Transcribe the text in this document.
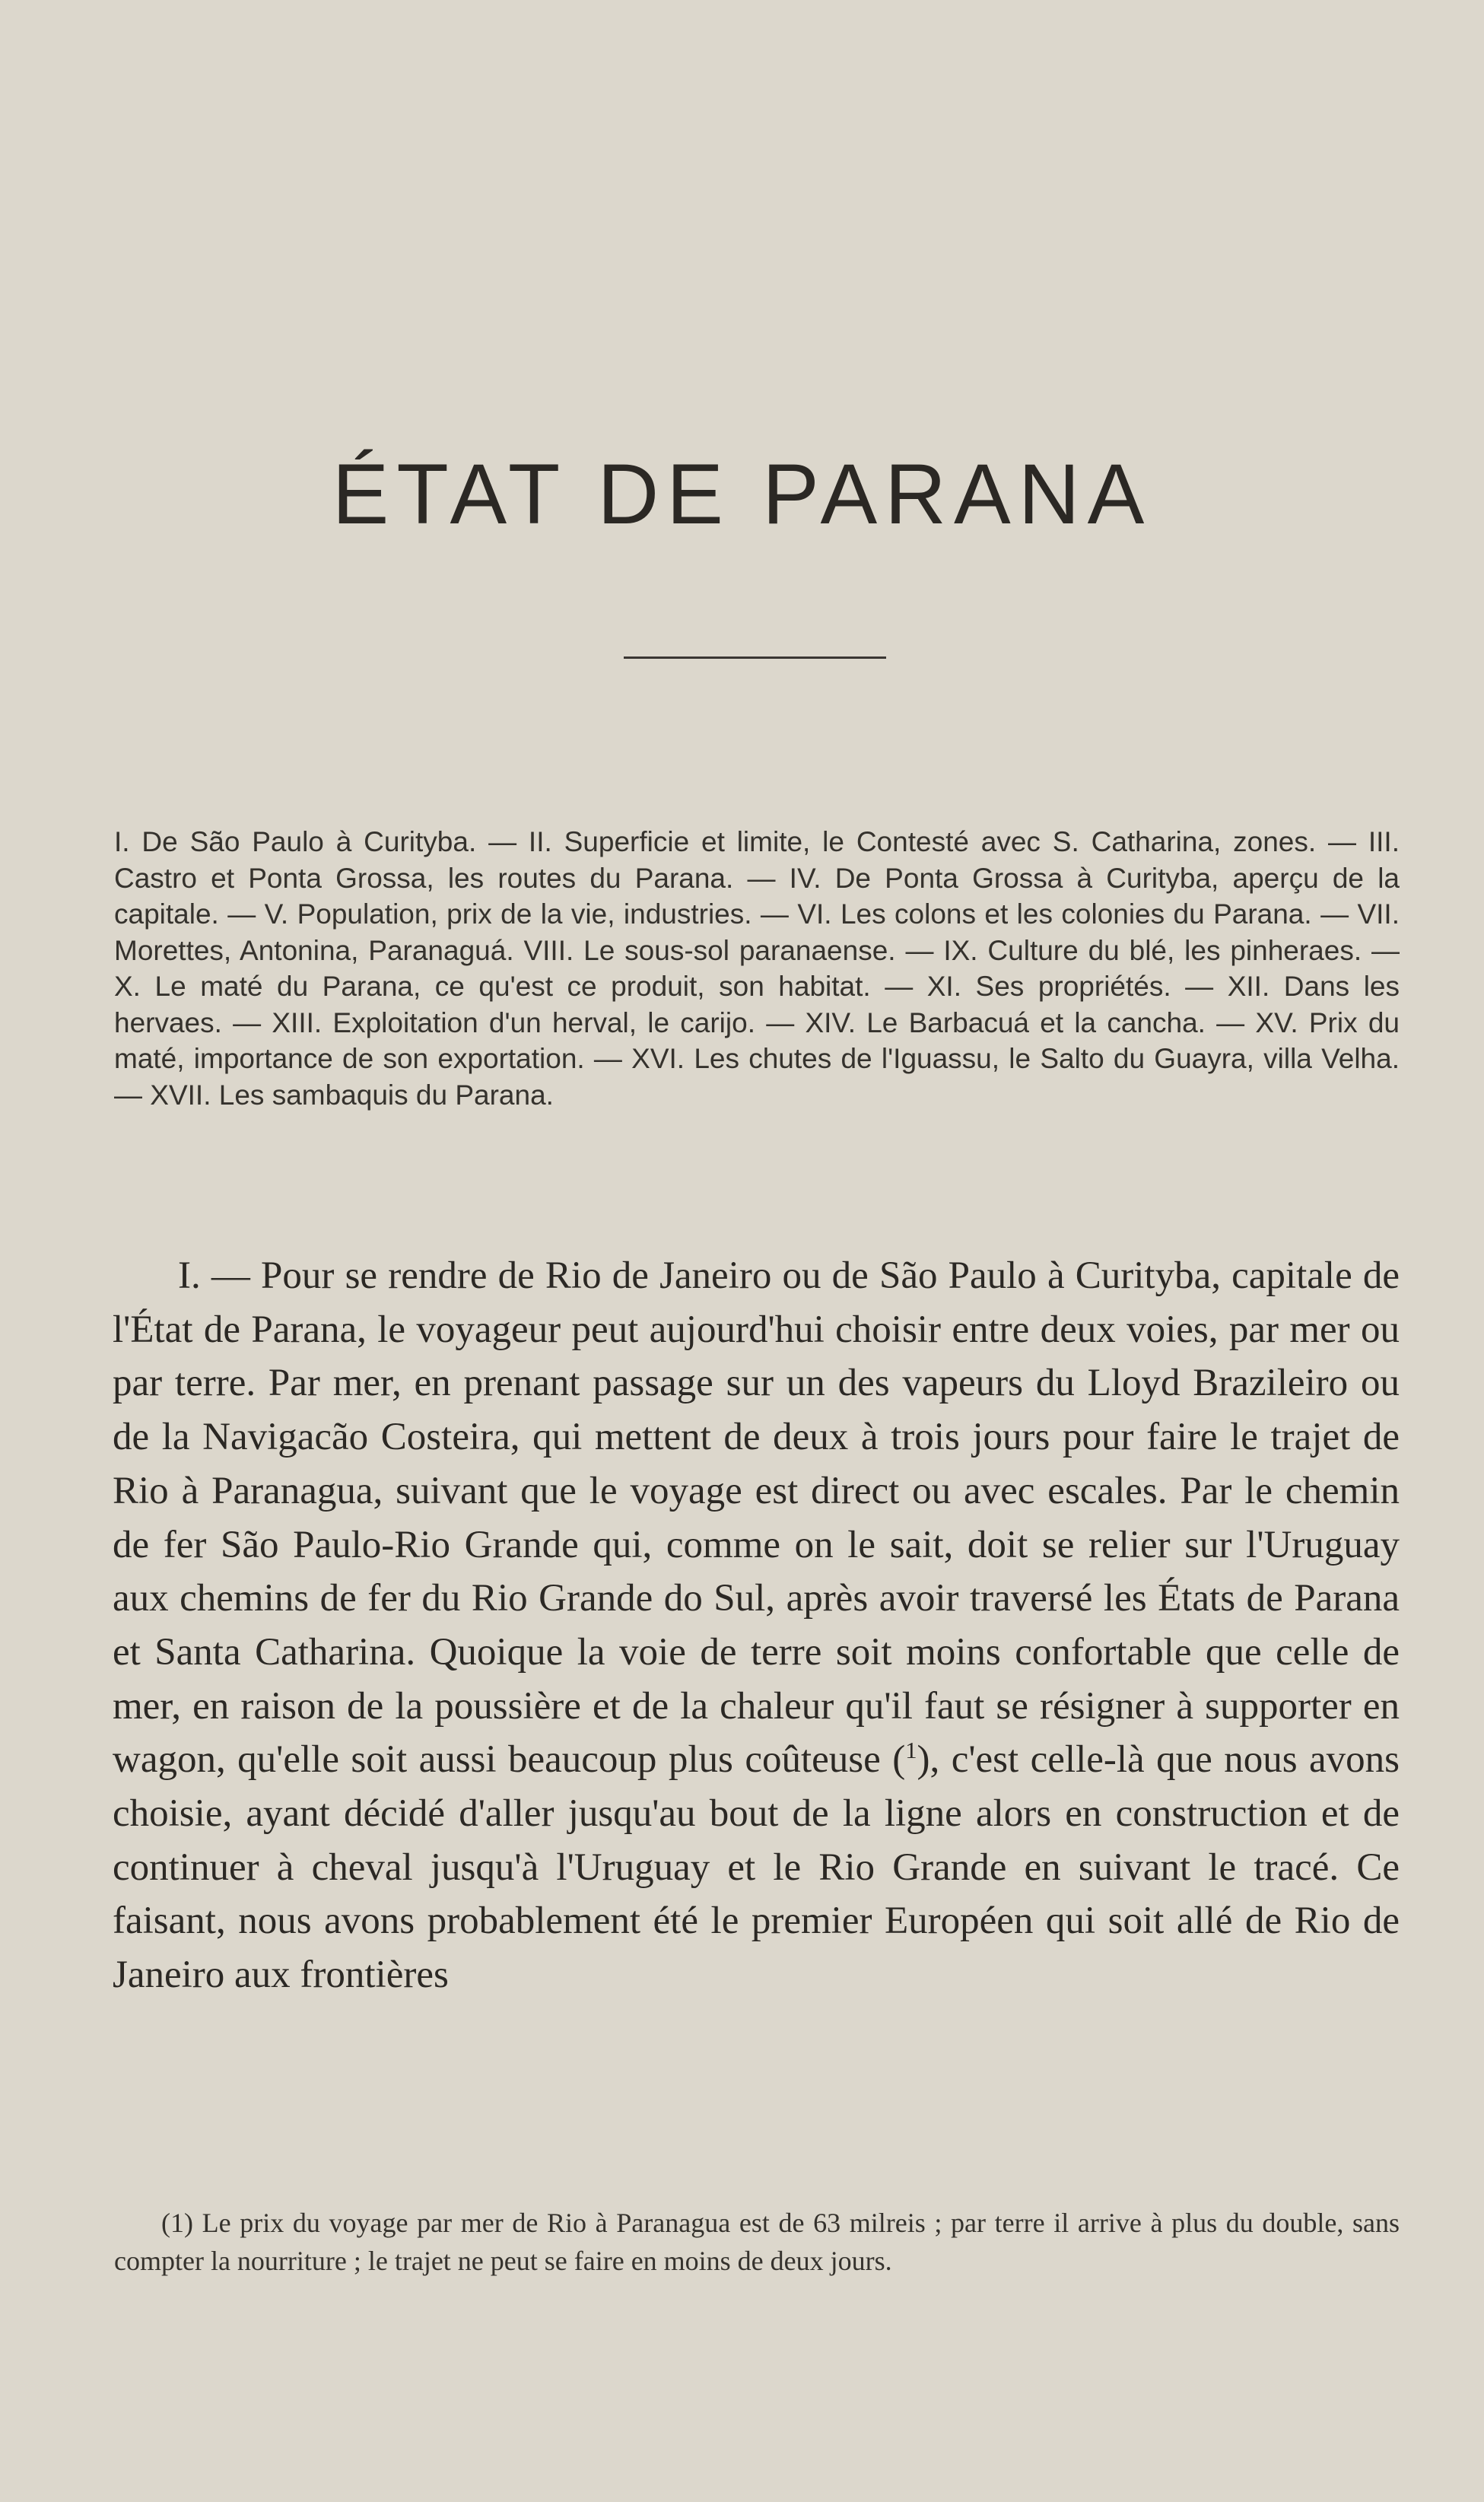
ÉTAT DE PARANA

I. De São Paulo à Curityba. — II. Superficie et limite, le Contesté avec S. Catharina, zones. — III. Castro et Ponta Grossa, les routes du Parana. — IV. De Ponta Grossa à Curityba, aperçu de la capitale. — V. Population, prix de la vie, industries. — VI. Les colons et les colonies du Parana. — VII. Morettes, Antonina, Paranaguá. VIII. Le sous-sol paranaense. — IX. Culture du blé, les pinheraes. — X. Le maté du Parana, ce qu'est ce produit, son habitat. — XI. Ses propriétés. — XII. Dans les hervaes. — XIII. Exploitation d'un herval, le carijo. — XIV. Le Barbacuá et la cancha. — XV. Prix du maté, importance de son exportation. — XVI. Les chutes de l'Iguassu, le Salto du Guayra, villa Velha. — XVII. Les sambaquis du Parana.

I. — Pour se rendre de Rio de Janeiro ou de São Paulo à Curityba, capitale de l'État de Parana, le voyageur peut aujourd'hui choisir entre deux voies, par mer ou par terre. Par mer, en prenant passage sur un des vapeurs du Lloyd Brazileiro ou de la Navigacão Costeira, qui mettent de deux à trois jours pour faire le trajet de Rio à Paranagua, suivant que le voyage est direct ou avec escales. Par le chemin de fer São Paulo-Rio Grande qui, comme on le sait, doit se relier sur l'Uruguay aux chemins de fer du Rio Grande do Sul, après avoir traversé les États de Parana et Santa Catharina. Quoique la voie de terre soit moins confortable que celle de mer, en raison de la poussière et de la chaleur qu'il faut se résigner à supporter en wagon, qu'elle soit aussi beaucoup plus coûteuse ($^1$), c'est celle-là que nous avons choisie, ayant décidé d'aller jusqu'au bout de la ligne alors en construction et de continuer à cheval jusqu'à l'Uruguay et le Rio Grande en suivant le tracé. Ce faisant, nous avons probablement été le premier Européen qui soit allé de Rio de Janeiro aux frontières

(1) Le prix du voyage par mer de Rio à Paranagua est de 63 milreis ; par terre il arrive à plus du double, sans compter la nourriture ; le trajet ne peut se faire en moins de deux jours.
